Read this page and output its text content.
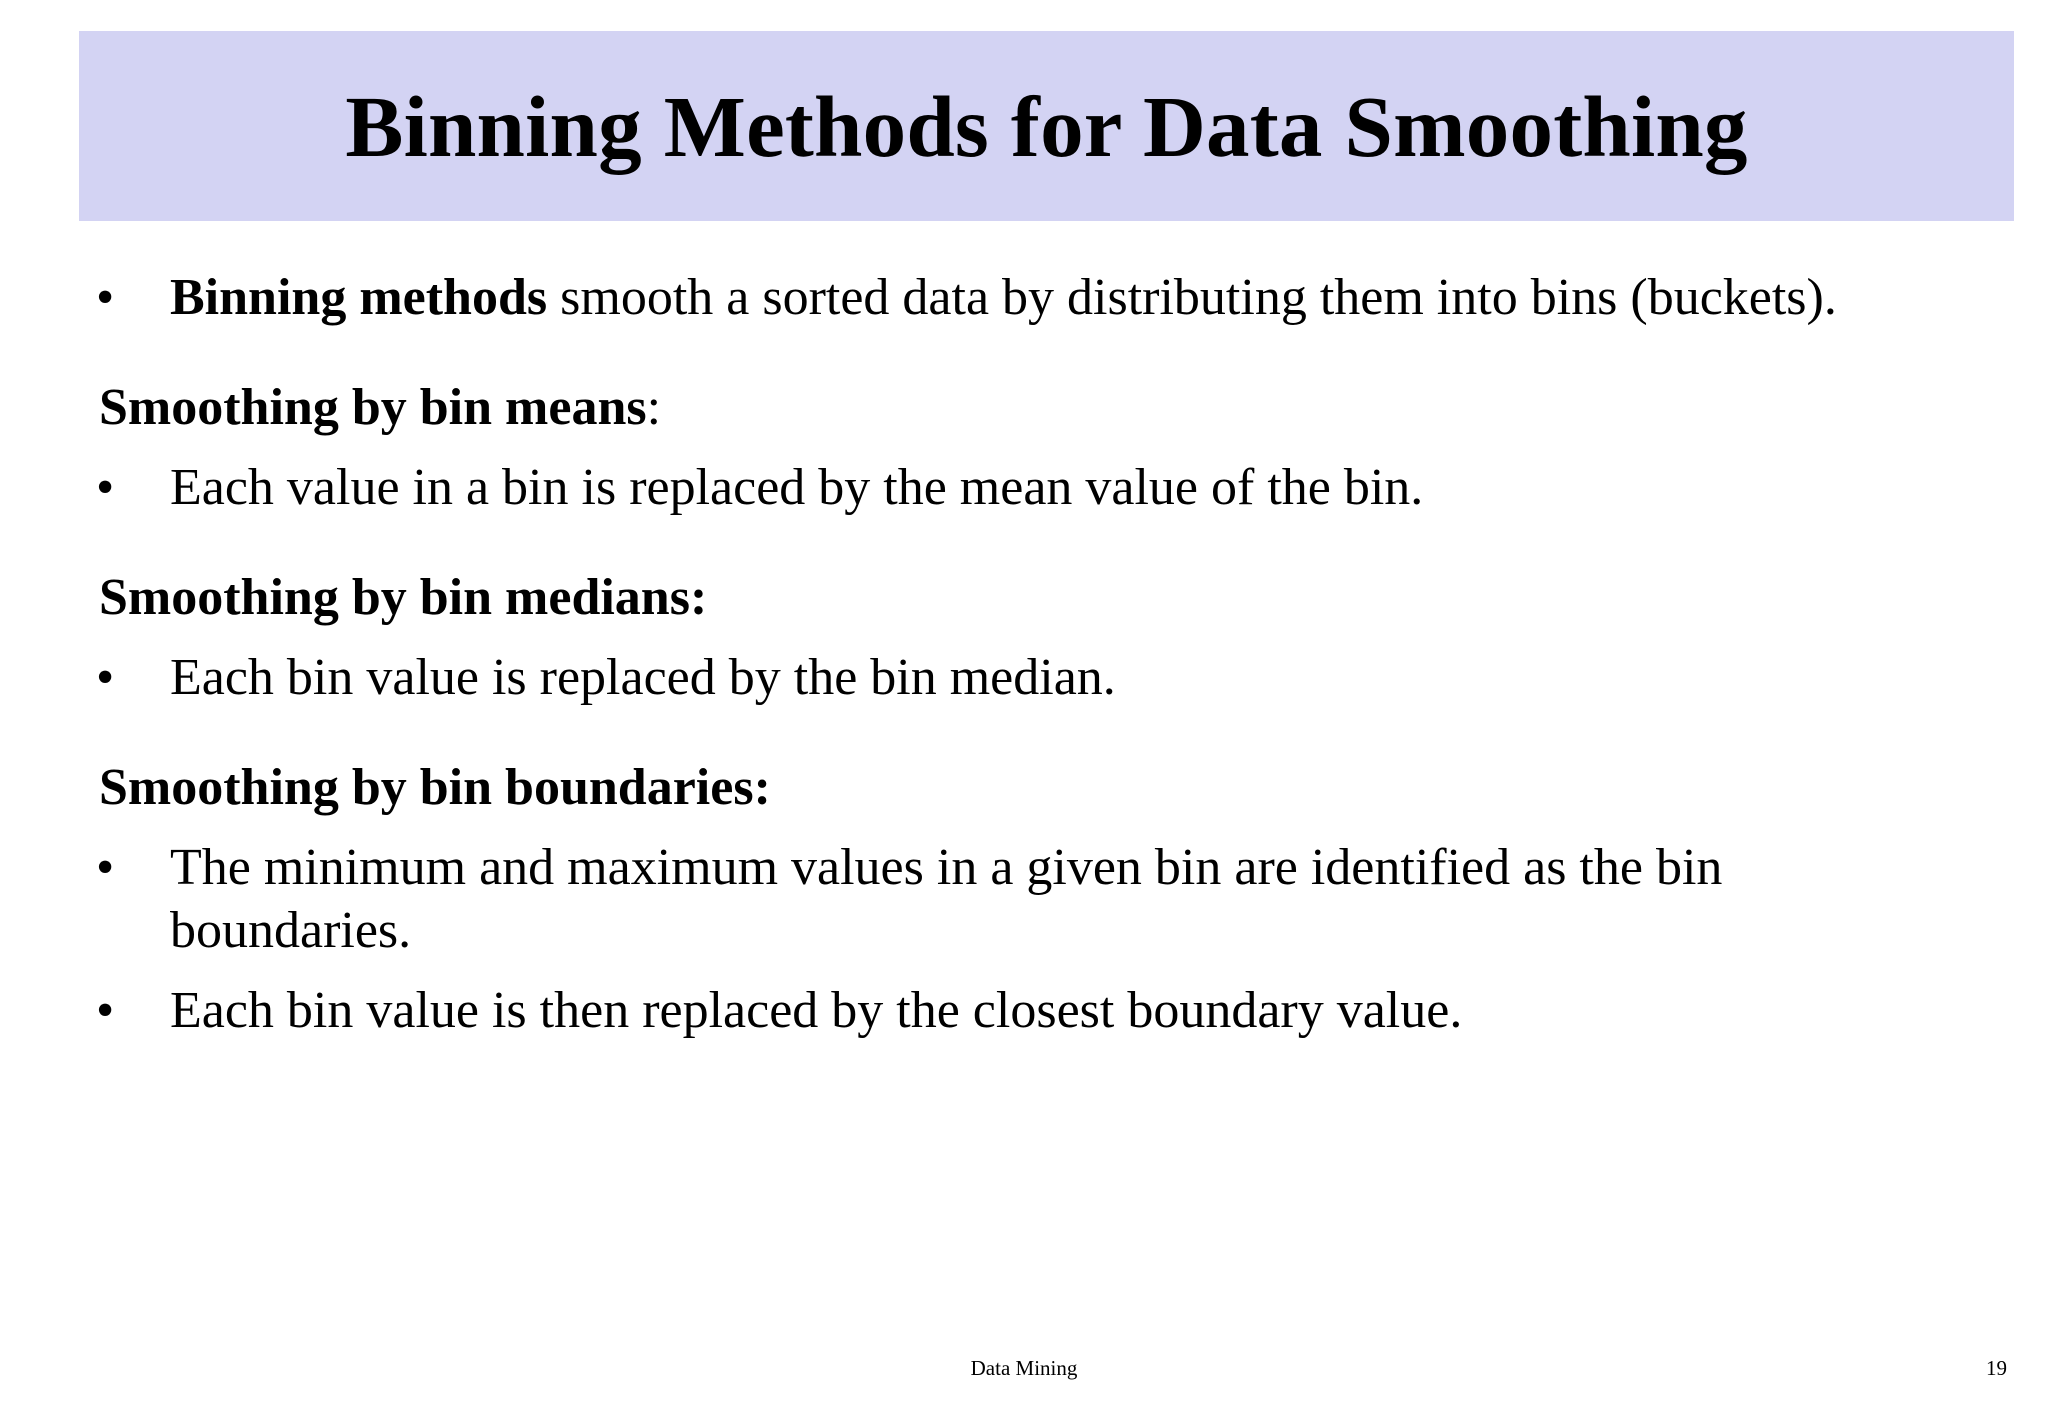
Binning Methods for Data Smoothing
• Binning methods smooth a sorted data by distributing them into bins (buckets).
Smoothing by bin means:
• Each value in a bin is replaced by the mean value of the bin.
Smoothing by bin medians:
• Each bin value is replaced by the bin median.
Smoothing by bin boundaries:
• The minimum and maximum values in a given bin are identified as the bin
boundaries.
• Each bin value is then replaced by the closest boundary value.
Data Mining	19
